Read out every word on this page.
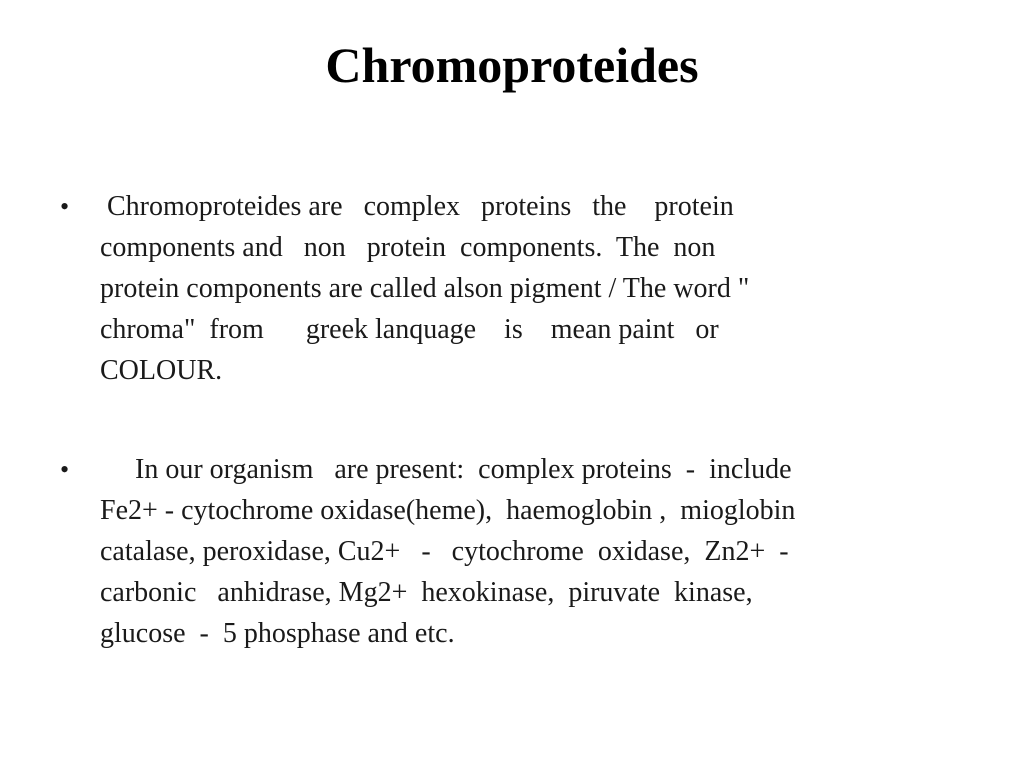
Chromoproteides
• Chromoproteides are   complex   proteins   the    protein
components and   non   protein  components.  The  non
protein components are called alson pigment / The word "
chroma"  from      greek lanquage    is    mean paint   or
COLOUR.
• In our organism   are present:  complex proteins  -  include
Fe2+ - cytochrome oxidase(heme),  haemoglobin ,  mioglobin
catalase, peroxidase, Cu2+   -   cytochrome  oxidase,  Zn2+  -
carbonic   anhidrase, Mg2+  hexokinase,  piruvate  kinase,
glucose  -  5 phosphase and etc.
